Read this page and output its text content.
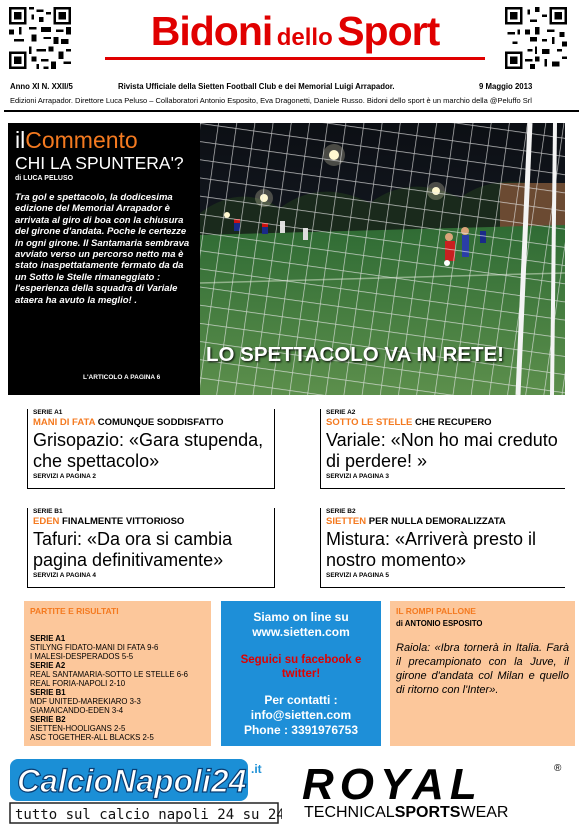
Bidoni dello Sport
Anno XI N. XXII/5	Rivista Ufficiale della Sietten Football Club e dei Memorial Luigi Arrapador.	9 Maggio 2013
Edizioni Arrapador. Direttore Luca Peluso – Collaboratori Antonio Esposito, Eva Dragonetti, Daniele Russo. Bidoni dello sport è un marchio della @Peluffo Srl
ilCommento
CHI LA SPUNTERA'?
di LUCA PELUSO
Tra gol e spettacolo, la dodicesima edizione del Memorial Arrapador è arrivata al giro di boa con la chiusura del girone d'andata. Poche le certezze in ogni girone. Il Santamaria sembrava avviato verso un percorso netto ma è stato inaspettatamente fermato da da un Sotto le Stelle rimaneggiato : l'esperienza della squadra di Variale ataera ha avuto la meglio! .
L'ARTICOLO A PAGINA 6
LO SPETTACOLO VA IN RETE!
SERIE A1
MANI DI FATA COMUNQUE SODDISFATTO
Grisopazio: «Gara stupenda, che spettacolo»
SERVIZI A PAGINA 2
SERIE A2
SOTTO LE STELLE CHE RECUPERO
Variale: «Non ho mai creduto di perdere! »
SERVIZI A PAGINA 3
SERIE B1
EDEN FINALMENTE VITTORIOSO
Tafuri: «Da ora si cambia pagina definitivamente»
SERVIZI A PAGINA 4
SERIE B2
SIETTEN PER NULLA DEMORALIZZATA
Mistura: «Arriverà presto il nostro momento»
SERVIZI A PAGINA 5
PARTITE E RISULTATI
SERIE A1
STILYNG FIDATO-MANI DI FATA 9-6
I MALESI-DESPERADOS 5-5
SERIE A2
REAL SANTAMARIA-SOTTO LE STELLE 6-6
REAL FORIA-NAPOLI 2-10
SERIE B1
MDF UNITED-MAREKIARO 3-3
GIAMAICANDO-EDEN 3-4
SERIE B2
SIETTEN-HOOLIGANS 2-5
ASC TOGETHER-ALL BLACKS 2-5
Siamo on line su
www.sietten.com
Seguici su facebook e
twitter!
Per contatti :
info@sietten.com
Phone : 3391976753
IL ROMPI PALLONE
di ANTONIO ESPOSITO
Raiola: «Ibra tornerà in Italia. Farà il precampionato con la Juve, il girone d'andata col Milan e quello di ritorno con l'Inter».
CalcioNapoli24 .it
tutto sul calcio napoli 24 su 24
ROYAL	®
TECHNICALSPORTSWEAR
